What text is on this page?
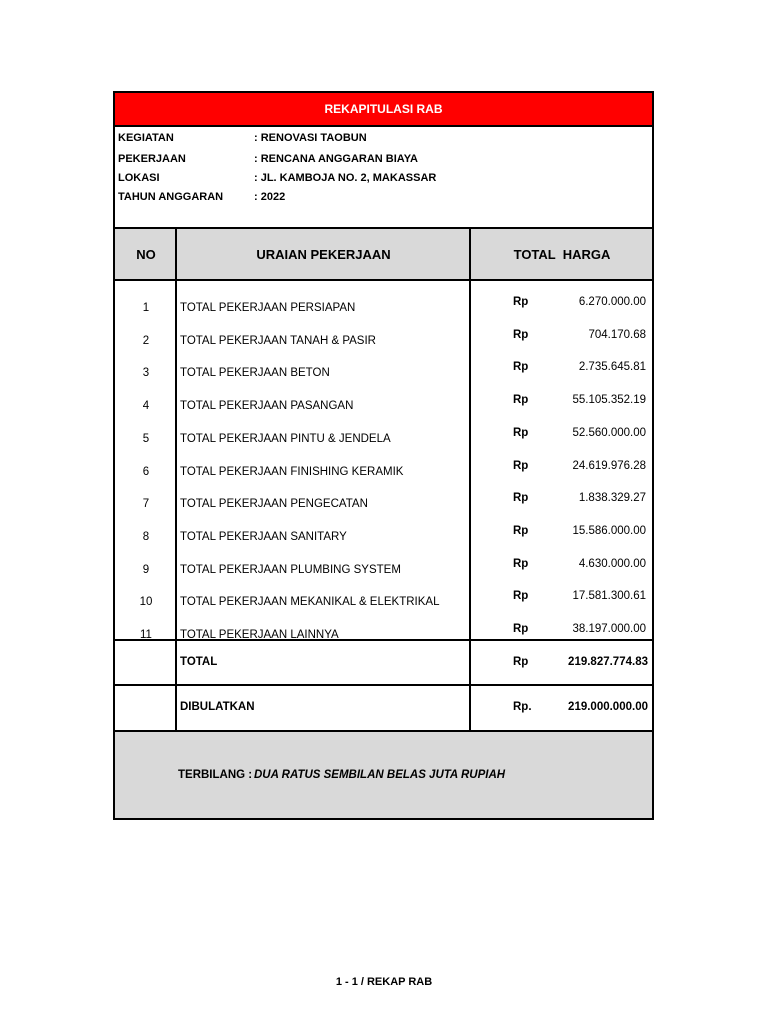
REKAPITULASI RAB
KEGIATAN	: RENOVASI TAOBUN
PEKERJAAN	: RENCANA ANGGARAN BIAYA
LOKASI	: JL. KAMBOJA NO. 2, MAKASSAR
TAHUN ANGGARAN	: 2022
NO	URAIAN PEKERJAAN	TOTAL  HARGA
1	TOTAL PEKERJAAN PERSIAPAN	Rp	6.270.000.00
2	TOTAL PEKERJAAN TANAH & PASIR	Rp	704.170.68
3	TOTAL PEKERJAAN BETON	Rp	2.735.645.81
4	TOTAL PEKERJAAN PASANGAN	Rp	55.105.352.19
5	TOTAL PEKERJAAN PINTU & JENDELA	Rp	52.560.000.00
6	TOTAL PEKERJAAN FINISHING KERAMIK	Rp	24.619.976.28
7	TOTAL PEKERJAAN PENGECATAN	Rp	1.838.329.27
8	TOTAL PEKERJAAN SANITARY	Rp	15.586.000.00
9	TOTAL PEKERJAAN PLUMBING SYSTEM	Rp	4.630.000.00
10	TOTAL PEKERJAAN MEKANIKAL & ELEKTRIKAL	Rp	17.581.300.61
11	TOTAL PEKERJAAN LAINNYA	Rp	38.197.000.00
TOTAL	Rp	219.827.774.83
DIBULATKAN	Rp.	219.000.000.00
TERBILANG : DUA RATUS SEMBILAN BELAS JUTA RUPIAH
1 - 1 / REKAP RAB
